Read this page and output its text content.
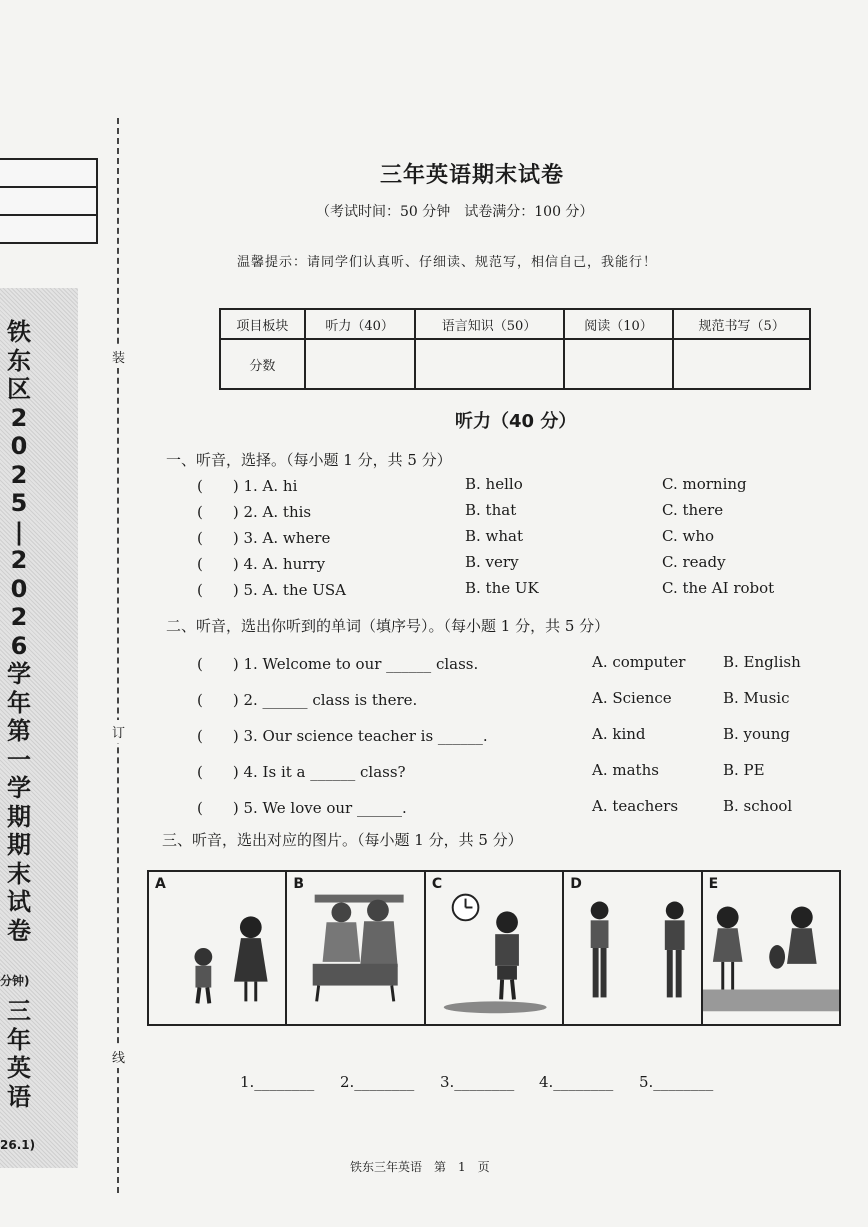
铁
东
区
2
0
2
5
|
2
0
2
6
学
年
第
一
学
期
期
末
试
卷
分钟)
三
年
英
语
26.1)
装
订
线
三年英语期末试卷
（考试时间：50 分钟　试卷满分：100 分）
温馨提示：请同学们认真听、仔细读、规范写，相信自己，我能行！
项目板块	听力（40）	语言知识（50）	阅读（10）	规范书写（5）
分数				
听力（40 分）
一、听音，选择。（每小题 1 分，共 5 分）
(　　) 1. A. hi	B. hello	C. morning
(　　) 2. A. this	B. that	C. there
(　　) 3. A. where	B. what	C. who
(　　) 4. A. hurry	B. very	C. ready
(　　) 5. A. the USA	B. the UK	C. the AI robot
二、听音，选出你听到的单词（填序号）。（每小题 1 分，共 5 分）
(　　) 1. Welcome to our ______ class.	A. computer	B. English
(　　) 2. ______ class is there.	A. Science	B. Music
(　　) 3. Our science teacher is ______.	A. kind	B. young
(　　) 4. Is it a ______ class?	A. maths	B. PE
(　　) 5. We love our ______.	A. teachers	B. school
三、听音，选出对应的图片。（每小题 1 分，共 5 分）
A	B	C	D	E
1.________ 2.________ 3.________ 4.________ 5.________
铁东三年英语　第　1　页
